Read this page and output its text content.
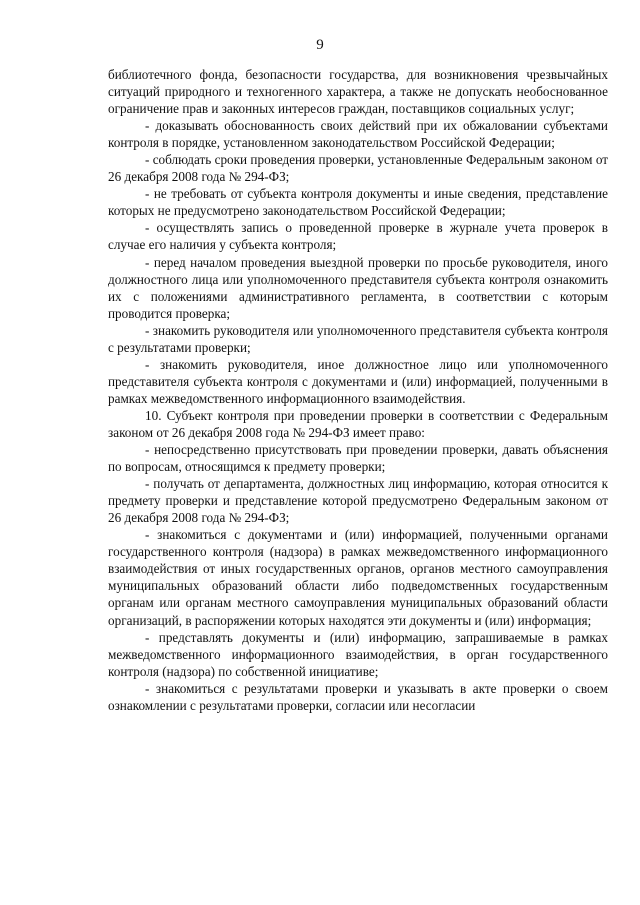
9

библиотечного фонда, безопасности государства, для возникновения чрезвычайных ситуаций природного и техногенного характера, а также не допускать необоснованное ограничение прав и законных интересов граждан, поставщиков социальных услуг;

- доказывать обоснованность своих действий при их обжаловании субъектами контроля в порядке, установленном законодательством Российской Федерации;

- соблюдать сроки проведения проверки, установленные Федеральным законом от 26 декабря 2008 года № 294-ФЗ;

- не требовать от субъекта контроля документы и иные сведения, представление которых не предусмотрено законодательством Российской Федерации;

- осуществлять запись о проведенной проверке в журнале учета проверок в случае его наличия у субъекта контроля;

- перед началом проведения выездной проверки по просьбе руководителя, иного должностного лица или уполномоченного представителя субъекта контроля ознакомить их с положениями административного регламента, в соответствии с которым проводится проверка;

- знакомить руководителя или уполномоченного представителя субъекта контроля с результатами проверки;

- знакомить руководителя, иное должностное лицо или уполномоченного представителя субъекта контроля с документами и (или) информацией, полученными в рамках межведомственного информационного взаимодействия.

10. Субъект контроля при проведении проверки в соответствии с Федеральным законом от 26 декабря 2008 года № 294-ФЗ имеет право:

- непосредственно присутствовать при проведении проверки, давать объяснения по вопросам, относящимся к предмету проверки;

- получать от департамента, должностных лиц информацию, которая относится к предмету проверки и представление которой предусмотрено Федеральным законом от 26 декабря 2008 года № 294-ФЗ;

- знакомиться с документами и (или) информацией, полученными органами государственного контроля (надзора) в рамках межведомственного информационного взаимодействия от иных государственных органов, органов местного самоуправления муниципальных образований области либо подведомственных государственным органам или органам местного самоуправления муниципальных образований области организаций, в распоряжении которых находятся эти документы и (или) информация;

- представлять документы и (или) информацию, запрашиваемые в рамках межведомственного информационного взаимодействия, в орган государственного контроля (надзора) по собственной инициативе;

- знакомиться с результатами проверки и указывать в акте проверки о своем ознакомлении с результатами проверки, согласии или несогласии
